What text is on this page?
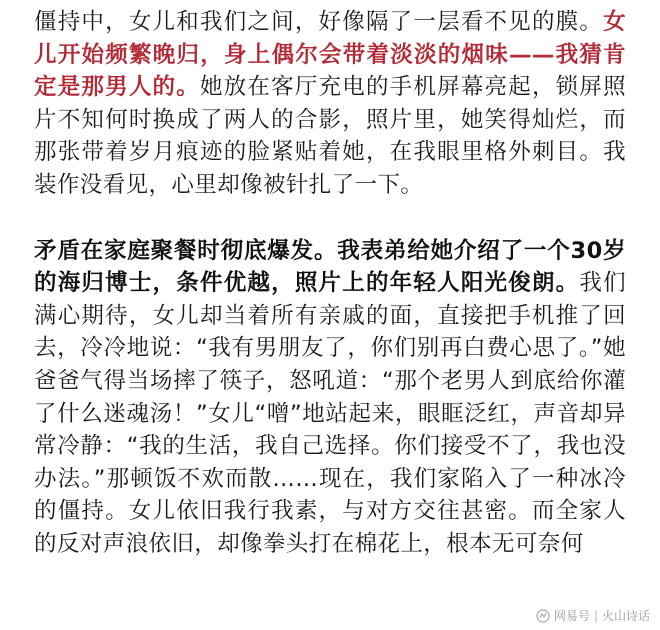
僵持中，女儿和我们之间，好像隔了一层看不见的膜。女儿开始频繁晚归，身上偶尔会带着淡淡的烟味——我猜肯定是那男人的。她放在客厅充电的手机屏幕亮起，锁屏照片不知何时换成了两人的合影，照片里，她笑得灿烂，而那张带着岁月痕迹的脸紧贴着她，在我眼里格外刺目。我装作没看见，心里却像被针扎了一下。

矛盾在家庭聚餐时彻底爆发。我表弟给她介绍了一个30岁的海归博士，条件优越，照片上的年轻人阳光俊朗。我们满心期待，女儿却当着所有亲戚的面，直接把手机推了回去，冷冷地说：“我有男朋友了，你们别再白费心思了。”她爸爸气得当场摔了筷子，怒吼道：“那个老男人到底给你灌了什么迷魂汤！”女儿“噌”地站起来，眼眶泛红，声音却异常冷静：“我的生活，我自己选择。你们接受不了，我也没办法。”那顿饭不欢而散……现在，我们家陷入了一种冰冷的僵持。女儿依旧我行我素，与对方交往甚密。而全家人的反对声浪依旧，却像拳头打在棉花上，根本无可奈何

网易号 | 火山诗话
